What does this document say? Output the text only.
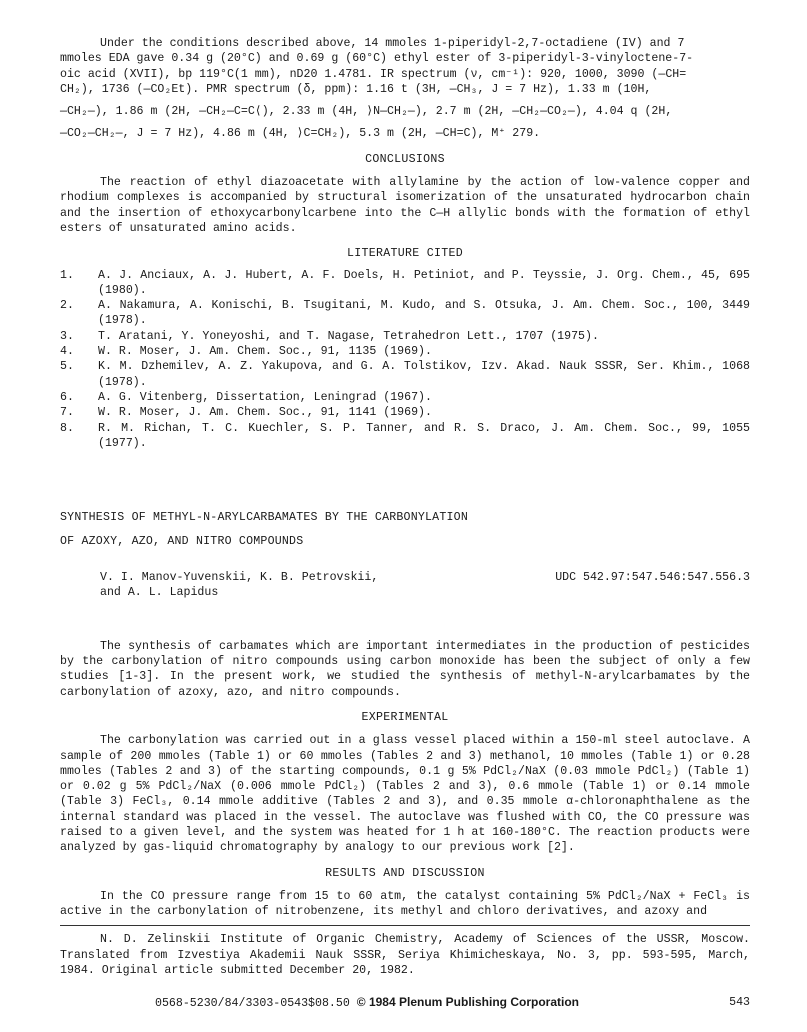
Under the conditions described above, 14 mmoles 1-piperidyl-2,7-octadiene (IV) and 7

mmoles EDA gave 0.34 g (20°C) and 0.69 g (60°C) ethyl ester of 3-piperidyl-3-vinyloctene-7-

oic acid (XVII), bp 119°C(1 mm), nD20 1.4781. IR spectrum (ν, cm⁻¹): 920, 1000, 3090 (—CH=

CH₂), 1736 (—CO₂Et). PMR spectrum (δ, ppm): 1.16 t (3H, —CH₃, J = 7 Hz), 1.33 m (10H,

—CH₂—), 1.86 m (2H, —CH₂—C=C⟨), 2.33 m (4H, ⟩N—CH₂—), 2.7 m (2H, —CH₂—CO₂—), 4.04 q (2H,

—CO₂—CH₂—, J = 7 Hz), 4.86 m (4H, ⟩C=CH₂), 5.3 m (2H, —CH=C), M⁺ 279.

CONCLUSIONS

The reaction of ethyl diazoacetate with allylamine by the action of low-valence copper and rhodium complexes is accompanied by structural isomerization of the unsaturated hydrocarbon chain and the insertion of ethoxycarbonylcarbene into the C—H allylic bonds with the formation of ethyl esters of unsaturated amino acids.

LITERATURE CITED

1.	A. J. Anciaux, A. J. Hubert, A. F. Doels, H. Petiniot, and P. Teyssie, J. Org. Chem., 45, 695 (1980).
2.	A. Nakamura, A. Konischi, B. Tsugitani, M. Kudo, and S. Otsuka, J. Am. Chem. Soc., 100, 3449 (1978).
3.	T. Aratani, Y. Yoneyoshi, and T. Nagase, Tetrahedron Lett., 1707 (1975).
4.	W. R. Moser, J. Am. Chem. Soc., 91, 1135 (1969).
5.	K. M. Dzhemilev, A. Z. Yakupova, and G. A. Tolstikov, Izv. Akad. Nauk SSSR, Ser. Khim., 1068 (1978).
6.	A. G. Vitenberg, Dissertation, Leningrad (1967).
7.	W. R. Moser, J. Am. Chem. Soc., 91, 1141 (1969).
8.	R. M. Richan, T. C. Kuechler, S. P. Tanner, and R. S. Draco, J. Am. Chem. Soc., 99, 1055 (1977).
SYNTHESIS OF METHYL-N-ARYLCARBAMATES BY THE CARBONYLATION
OF AZOXY, AZO, AND NITRO COMPOUNDS
V. I. Manov-Yuvenskii, K. B. Petrovskii,
and A. L. Lapidus
UDC 542.97:547.546:547.556.3

The synthesis of carbamates which are important intermediates in the production of pesticides by the carbonylation of nitro compounds using carbon monoxide has been the subject of only a few studies [1-3]. In the present work, we studied the synthesis of methyl-N-arylcarbamates by the carbonylation of azoxy, azo, and nitro compounds.

EXPERIMENTAL

The carbonylation was carried out in a glass vessel placed within a 150-ml steel autoclave. A sample of 200 mmoles (Table 1) or 60 mmoles (Tables 2 and 3) methanol, 10 mmoles (Table 1) or 0.28 mmoles (Tables 2 and 3) of the starting compounds, 0.1 g 5% PdCl₂/NaX (0.03 mmole PdCl₂) (Table 1) or 0.02 g 5% PdCl₂/NaX (0.006 mmole PdCl₂) (Tables 2 and 3), 0.6 mmole (Table 1) or 0.14 mmole (Table 3) FeCl₃, 0.14 mmole additive (Tables 2 and 3), and 0.35 mmole α-chloronaphthalene as the internal standard was placed in the vessel. The autoclave was flushed with CO, the CO pressure was raised to a given level, and the system was heated for 1 h at 160-180°C. The reaction products were analyzed by gas-liquid chromatography by analogy to our previous work [2].

RESULTS AND DISCUSSION

In the CO pressure range from 15 to 60 atm, the catalyst containing 5% PdCl₂/NaX + FeCl₃ is active in the carbonylation of nitrobenzene, its methyl and chloro derivatives, and azoxy and

N. D. Zelinskii Institute of Organic Chemistry, Academy of Sciences of the USSR, Moscow. Translated from Izvestiya Akademii Nauk SSSR, Seriya Khimicheskaya, No. 3, pp. 593-595, March, 1984. Original article submitted December 20, 1982.

0568-5230/84/3303-0543$08.50 © 1984 Plenum Publishing Corporation	543
